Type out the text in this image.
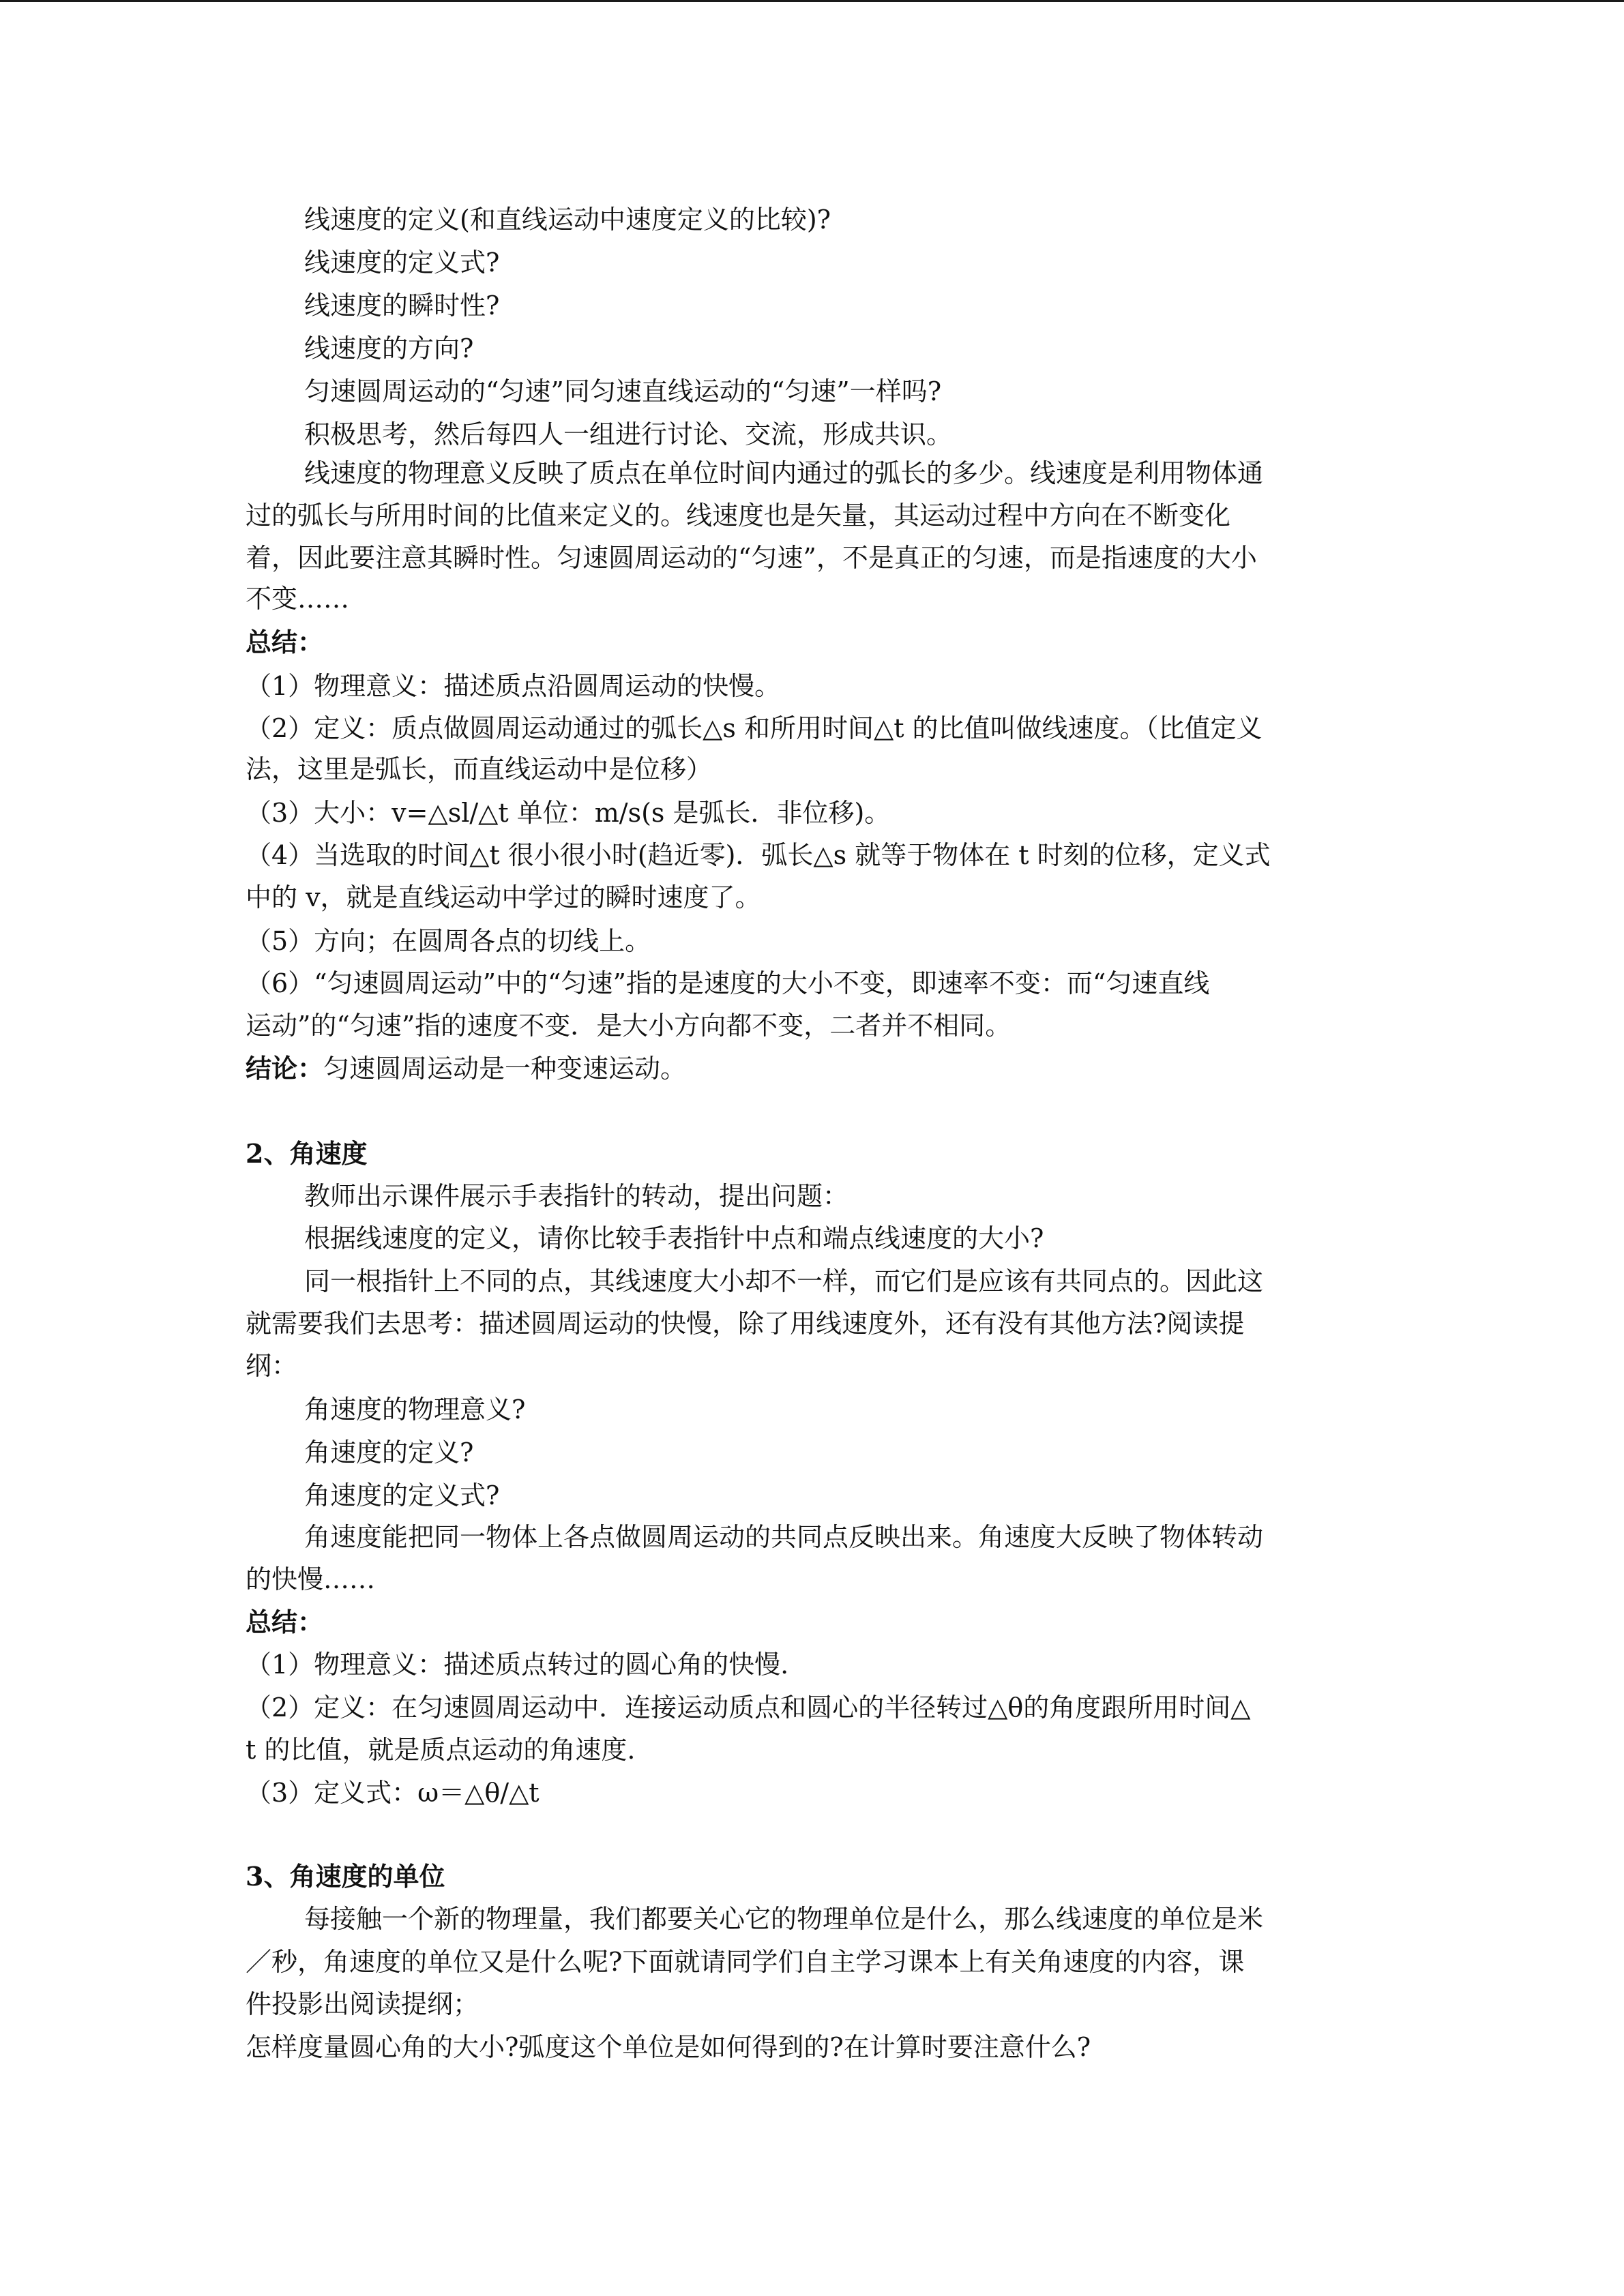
线速度的定义(和直线运动中速度定义的比较)?
线速度的定义式?
线速度的瞬时性?
线速度的方向?
匀速圆周运动的“匀速”同匀速直线运动的“匀速”一样吗?
积极思考，然后每四人一组进行讨论、交流，形成共识。
线速度的物理意义反映了质点在单位时间内通过的弧长的多少。线速度是利用物体通
过的弧长与所用时间的比值来定义的。线速度也是矢量，其运动过程中方向在不断变化
着，因此要注意其瞬时性。匀速圆周运动的“匀速”，不是真正的匀速，而是指速度的大小
不变……
总结：
（1）物理意义：描述质点沿圆周运动的快慢。
（2）定义：质点做圆周运动通过的弧长△s 和所用时间△t 的比值叫做线速度。（比值定义
法，这里是弧长，而直线运动中是位移）
（3）大小：v=△sl/△t 单位：m/s(s 是弧长．非位移)。
（4）当选取的时间△t 很小很小时(趋近零)．弧长△s 就等于物体在 t 时刻的位移，定义式
中的 v，就是直线运动中学过的瞬时速度了。
（5）方向；在圆周各点的切线上。
（6）“匀速圆周运动”中的“匀速”指的是速度的大小不变，即速率不变：而“匀速直线
运动”的“匀速”指的速度不变．是大小方向都不变，二者并不相同。
结论：匀速圆周运动是一种变速运动。
2、角速度
教师出示课件展示手表指针的转动，提出问题：
根据线速度的定义，请你比较手表指针中点和端点线速度的大小?
同一根指针上不同的点，其线速度大小却不一样，而它们是应该有共同点的。因此这
就需要我们去思考：描述圆周运动的快慢，除了用线速度外，还有没有其他方法?阅读提
纲：
角速度的物理意义?
角速度的定义?
角速度的定义式?
角速度能把同一物体上各点做圆周运动的共同点反映出来。角速度大反映了物体转动
的快慢……
总结：
（1）物理意义：描述质点转过的圆心角的快慢.
（2）定义：在匀速圆周运动中．连接运动质点和圆心的半径转过△θ的角度跟所用时间△
t 的比值，就是质点运动的角速度.
（3）定义式：ω＝△θ/△t
3、角速度的单位
每接触一个新的物理量，我们都要关心它的物理单位是什么，那么线速度的单位是米
／秒，角速度的单位又是什么呢?下面就请同学们自主学习课本上有关角速度的内容，课
件投影出阅读提纲；
怎样度量圆心角的大小?弧度这个单位是如何得到的?在计算时要注意什么?
